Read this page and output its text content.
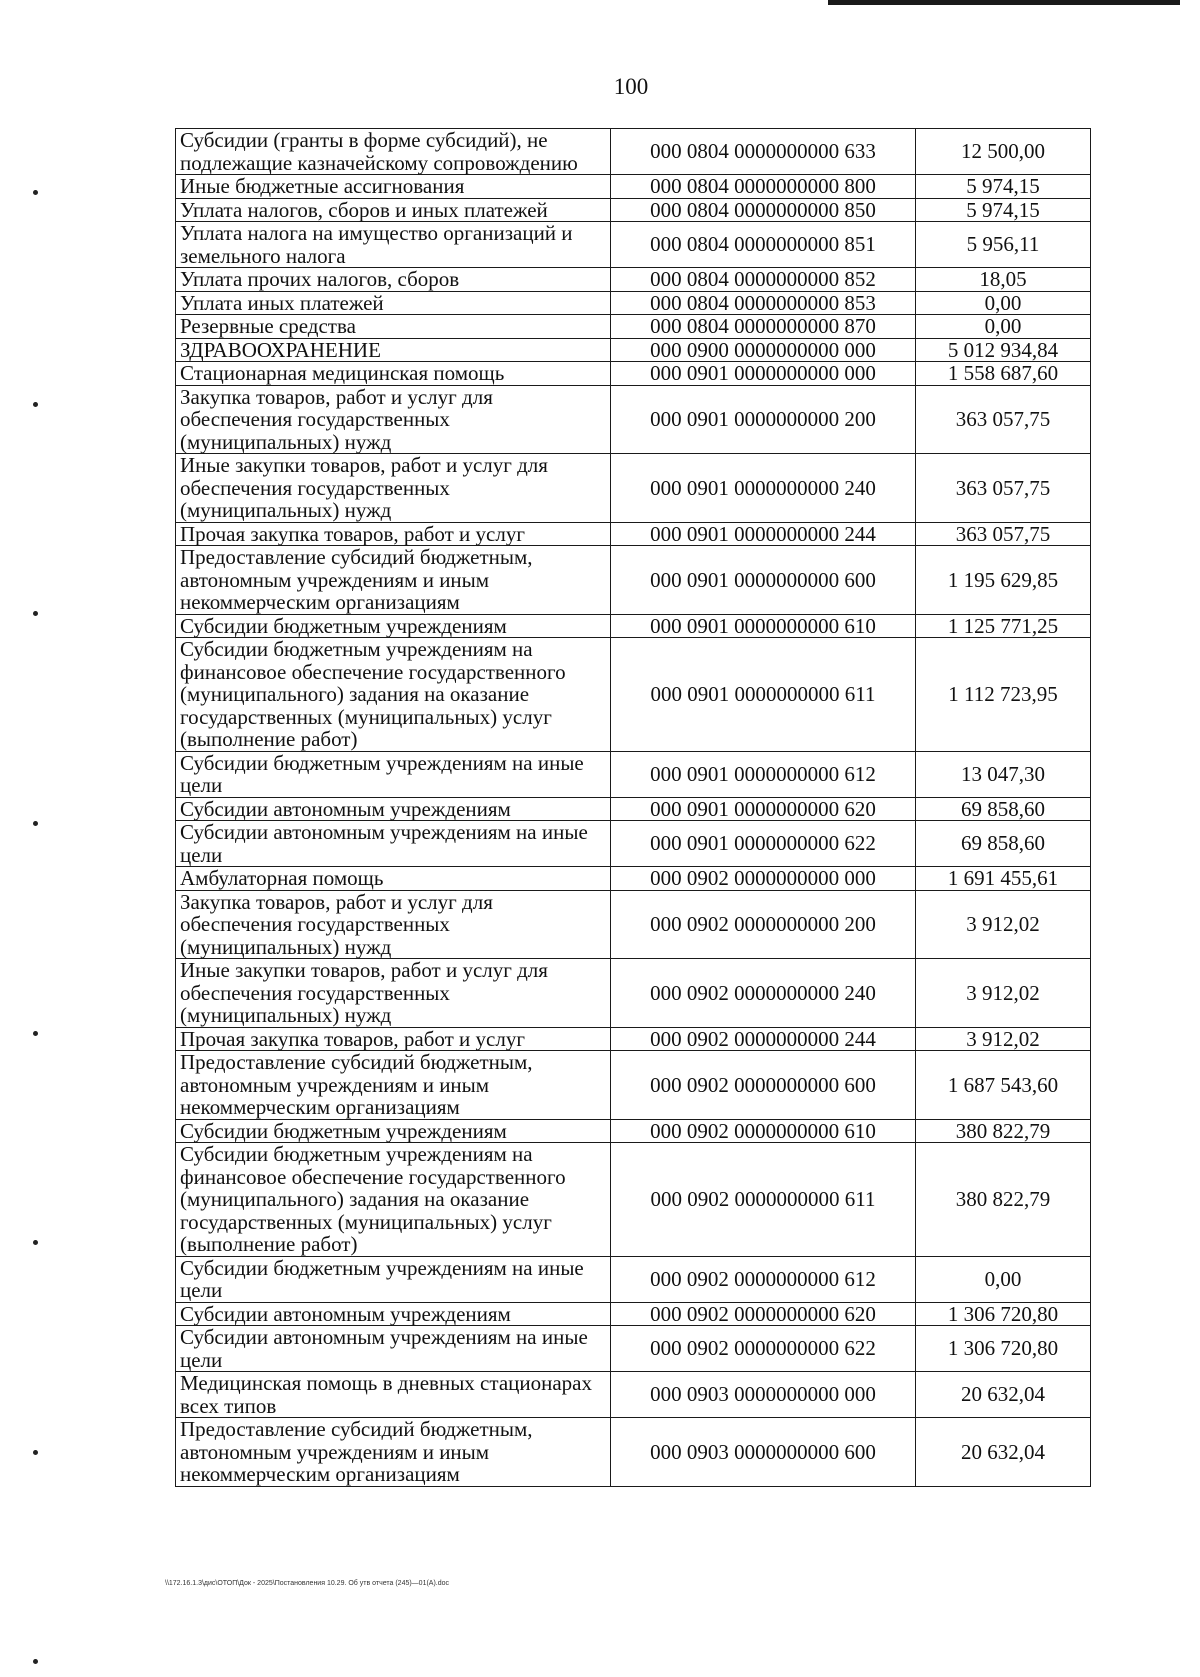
100
Субсидии (гранты в форме субсидий), не подлежащие казначейскому сопровождению	000 0804 0000000000 633	12 500,00
Иные бюджетные ассигнования	000 0804 0000000000 800	5 974,15
Уплата налогов, сборов и иных платежей	000 0804 0000000000 850	5 974,15
Уплата налога на имущество организаций и земельного налога	000 0804 0000000000 851	5 956,11
Уплата прочих налогов, сборов	000 0804 0000000000 852	18,05
Уплата иных платежей	000 0804 0000000000 853	0,00
Резервные средства	000 0804 0000000000 870	0,00
ЗДРАВООХРАНЕНИЕ	000 0900 0000000000 000	5 012 934,84
Стационарная медицинская помощь	000 0901 0000000000 000	1 558 687,60
Закупка товаров, работ и услуг для обеспечения государственных (муниципальных) нужд	000 0901 0000000000 200	363 057,75
Иные закупки товаров, работ и услуг для обеспечения государственных (муниципальных) нужд	000 0901 0000000000 240	363 057,75
Прочая закупка товаров, работ и услуг	000 0901 0000000000 244	363 057,75
Предоставление субсидий бюджетным, автономным учреждениям и иным некоммерческим организациям	000 0901 0000000000 600	1 195 629,85
Субсидии бюджетным учреждениям	000 0901 0000000000 610	1 125 771,25
Субсидии бюджетным учреждениям на финансовое обеспечение государственного (муниципального) задания на оказание государственных (муниципальных) услуг (выполнение работ)	000 0901 0000000000 611	1 112 723,95
Субсидии бюджетным учреждениям на иные цели	000 0901 0000000000 612	13 047,30
Субсидии автономным учреждениям	000 0901 0000000000 620	69 858,60
Субсидии автономным учреждениям на иные цели	000 0901 0000000000 622	69 858,60
Амбулаторная помощь	000 0902 0000000000 000	1 691 455,61
Закупка товаров, работ и услуг для обеспечения государственных (муниципальных) нужд	000 0902 0000000000 200	3 912,02
Иные закупки товаров, работ и услуг для обеспечения государственных (муниципальных) нужд	000 0902 0000000000 240	3 912,02
Прочая закупка товаров, работ и услуг	000 0902 0000000000 244	3 912,02
Предоставление субсидий бюджетным, автономным учреждениям и иным некоммерческим организациям	000 0902 0000000000 600	1 687 543,60
Субсидии бюджетным учреждениям	000 0902 0000000000 610	380 822,79
Субсидии бюджетным учреждениям на финансовое обеспечение государственного (муниципального) задания на оказание государственных (муниципальных) услуг (выполнение работ)	000 0902 0000000000 611	380 822,79
Субсидии бюджетным учреждениям на иные цели	000 0902 0000000000 612	0,00
Субсидии автономным учреждениям	000 0902 0000000000 620	1 306 720,80
Субсидии автономным учреждениям на иные цели	000 0902 0000000000 622	1 306 720,80
Медицинская помощь в дневных стационарах всех типов	000 0903 0000000000 000	20 632,04
Предоставление субсидий бюджетным, автономным учреждениям и иным некоммерческим организациям	000 0903 0000000000 600	20 632,04
\\172.16.1.3\дис\ОТОП\Док - 2025\Постановления 10.29. Об утв отчета (245)—01(А).doc
